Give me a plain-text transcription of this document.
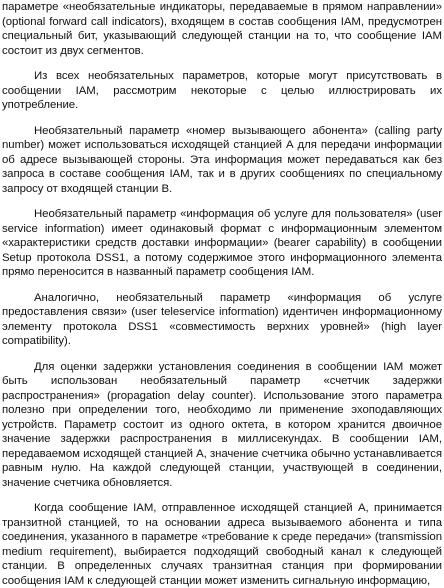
параметре «необязательные индикаторы, передаваемые в прямом направлении» (optional forward call indicators), входящем в состав сообщения IAM, предусмотрен специальный бит, указывающий следующей станции на то, что сообщение IAM состоит из двух сегментов.

Из всех необязательных параметров, которые могут присутствовать в сообщении IAM, рассмотрим некоторые с целью иллюстрировать их употребление.

Необязательный параметр «номер вызывающего абонента» (calling party number) может использоваться исходящей станцией А для передачи информации об адресе вызывающей стороны. Эта информация может передаваться как без запроса в составе сообщения IAM, так и в других сообщениях по специальному запросу от входящей станции В.

Необязательный параметр «информация об услуге для пользователя» (user service information) имеет одинаковый формат с информационным элементом «характеристики средств доставки информации» (bearer capability) в сообщении Setup протокола DSS1, а потому содержимое этого информационного элемента прямо переносится в названный параметр сообщения IAM.

Аналогично, необязательный параметр «информация об услуге предоставления связи» (user teleservice information) идентичен информационному элементу протокола DSS1 «совместимость верхних уровней» (high layer compatibility).

Для оценки задержки установления соединения в сообщении IAM может быть использован необязательный параметр «счетчик задержки распространения» (propagation delay counter). Использование этого параметра полезно при определении того, необходимо ли применение эхоподавляющих устройств. Параметр состоит из одного октета, в котором хранится двоичное значение задержки распространения в миллисекундах. В сообщении IAM, передаваемом исходящей станцией А, значение счетчика обычно устанавливается равным нулю. На каждой следующей станции, участвующей в соединении, значение счетчика обновляется.

Когда сообщение IAM, отправленное исходящей станцией А, принимается транзитной станцией, то на основании адреса вызываемого абонента и типа соединения, указанного в параметре «требование к среде передачи» (transmission medium requirement), выбирается подходящий свободный канал к следующей станции. В определенных случаях транзитная станция при формировании сообщения IAM к следующей станции может изменить сигнальную информацию,
